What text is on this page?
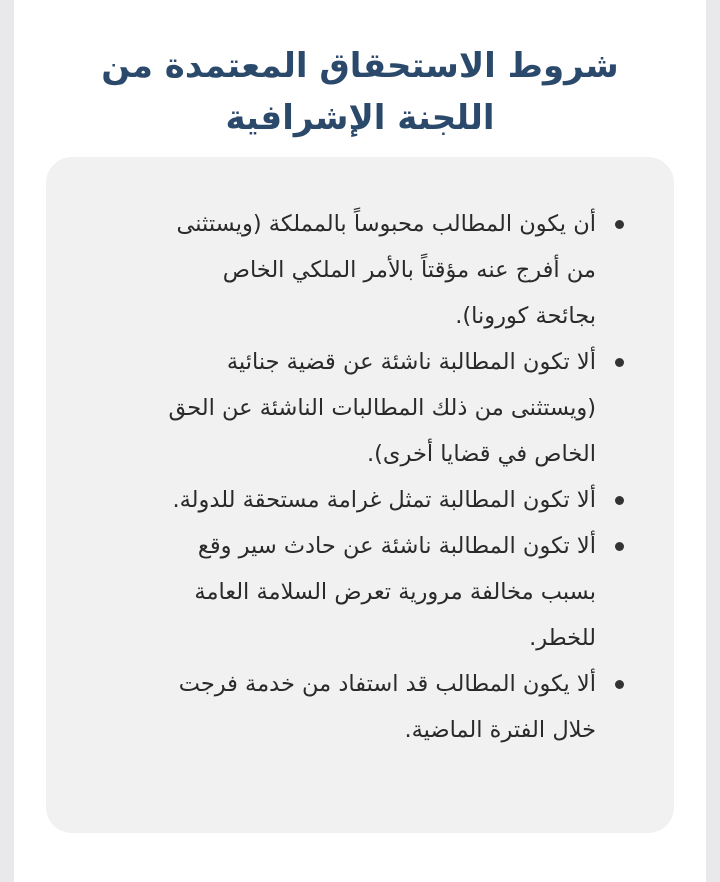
شروط الاستحقاق المعتمدة من اللجنة الإشرافية
أن يكون المطالب محبوساً بالمملكة (ويستثنى من أفرج عنه مؤقتاً بالأمر الملكي الخاص بجائحة كورونا).
ألا تكون المطالبة ناشئة عن قضية جنائية (ويستثنى من ذلك المطالبات الناشئة عن الحق الخاص في قضايا أخرى).
ألا تكون المطالبة تمثل غرامة مستحقة للدولة.
ألا تكون المطالبة ناشئة عن حادث سير وقع بسبب مخالفة مرورية تعرض السلامة العامة للخطر.
ألا يكون المطالب قد استفاد من خدمة فرجت خلال الفترة الماضية.
